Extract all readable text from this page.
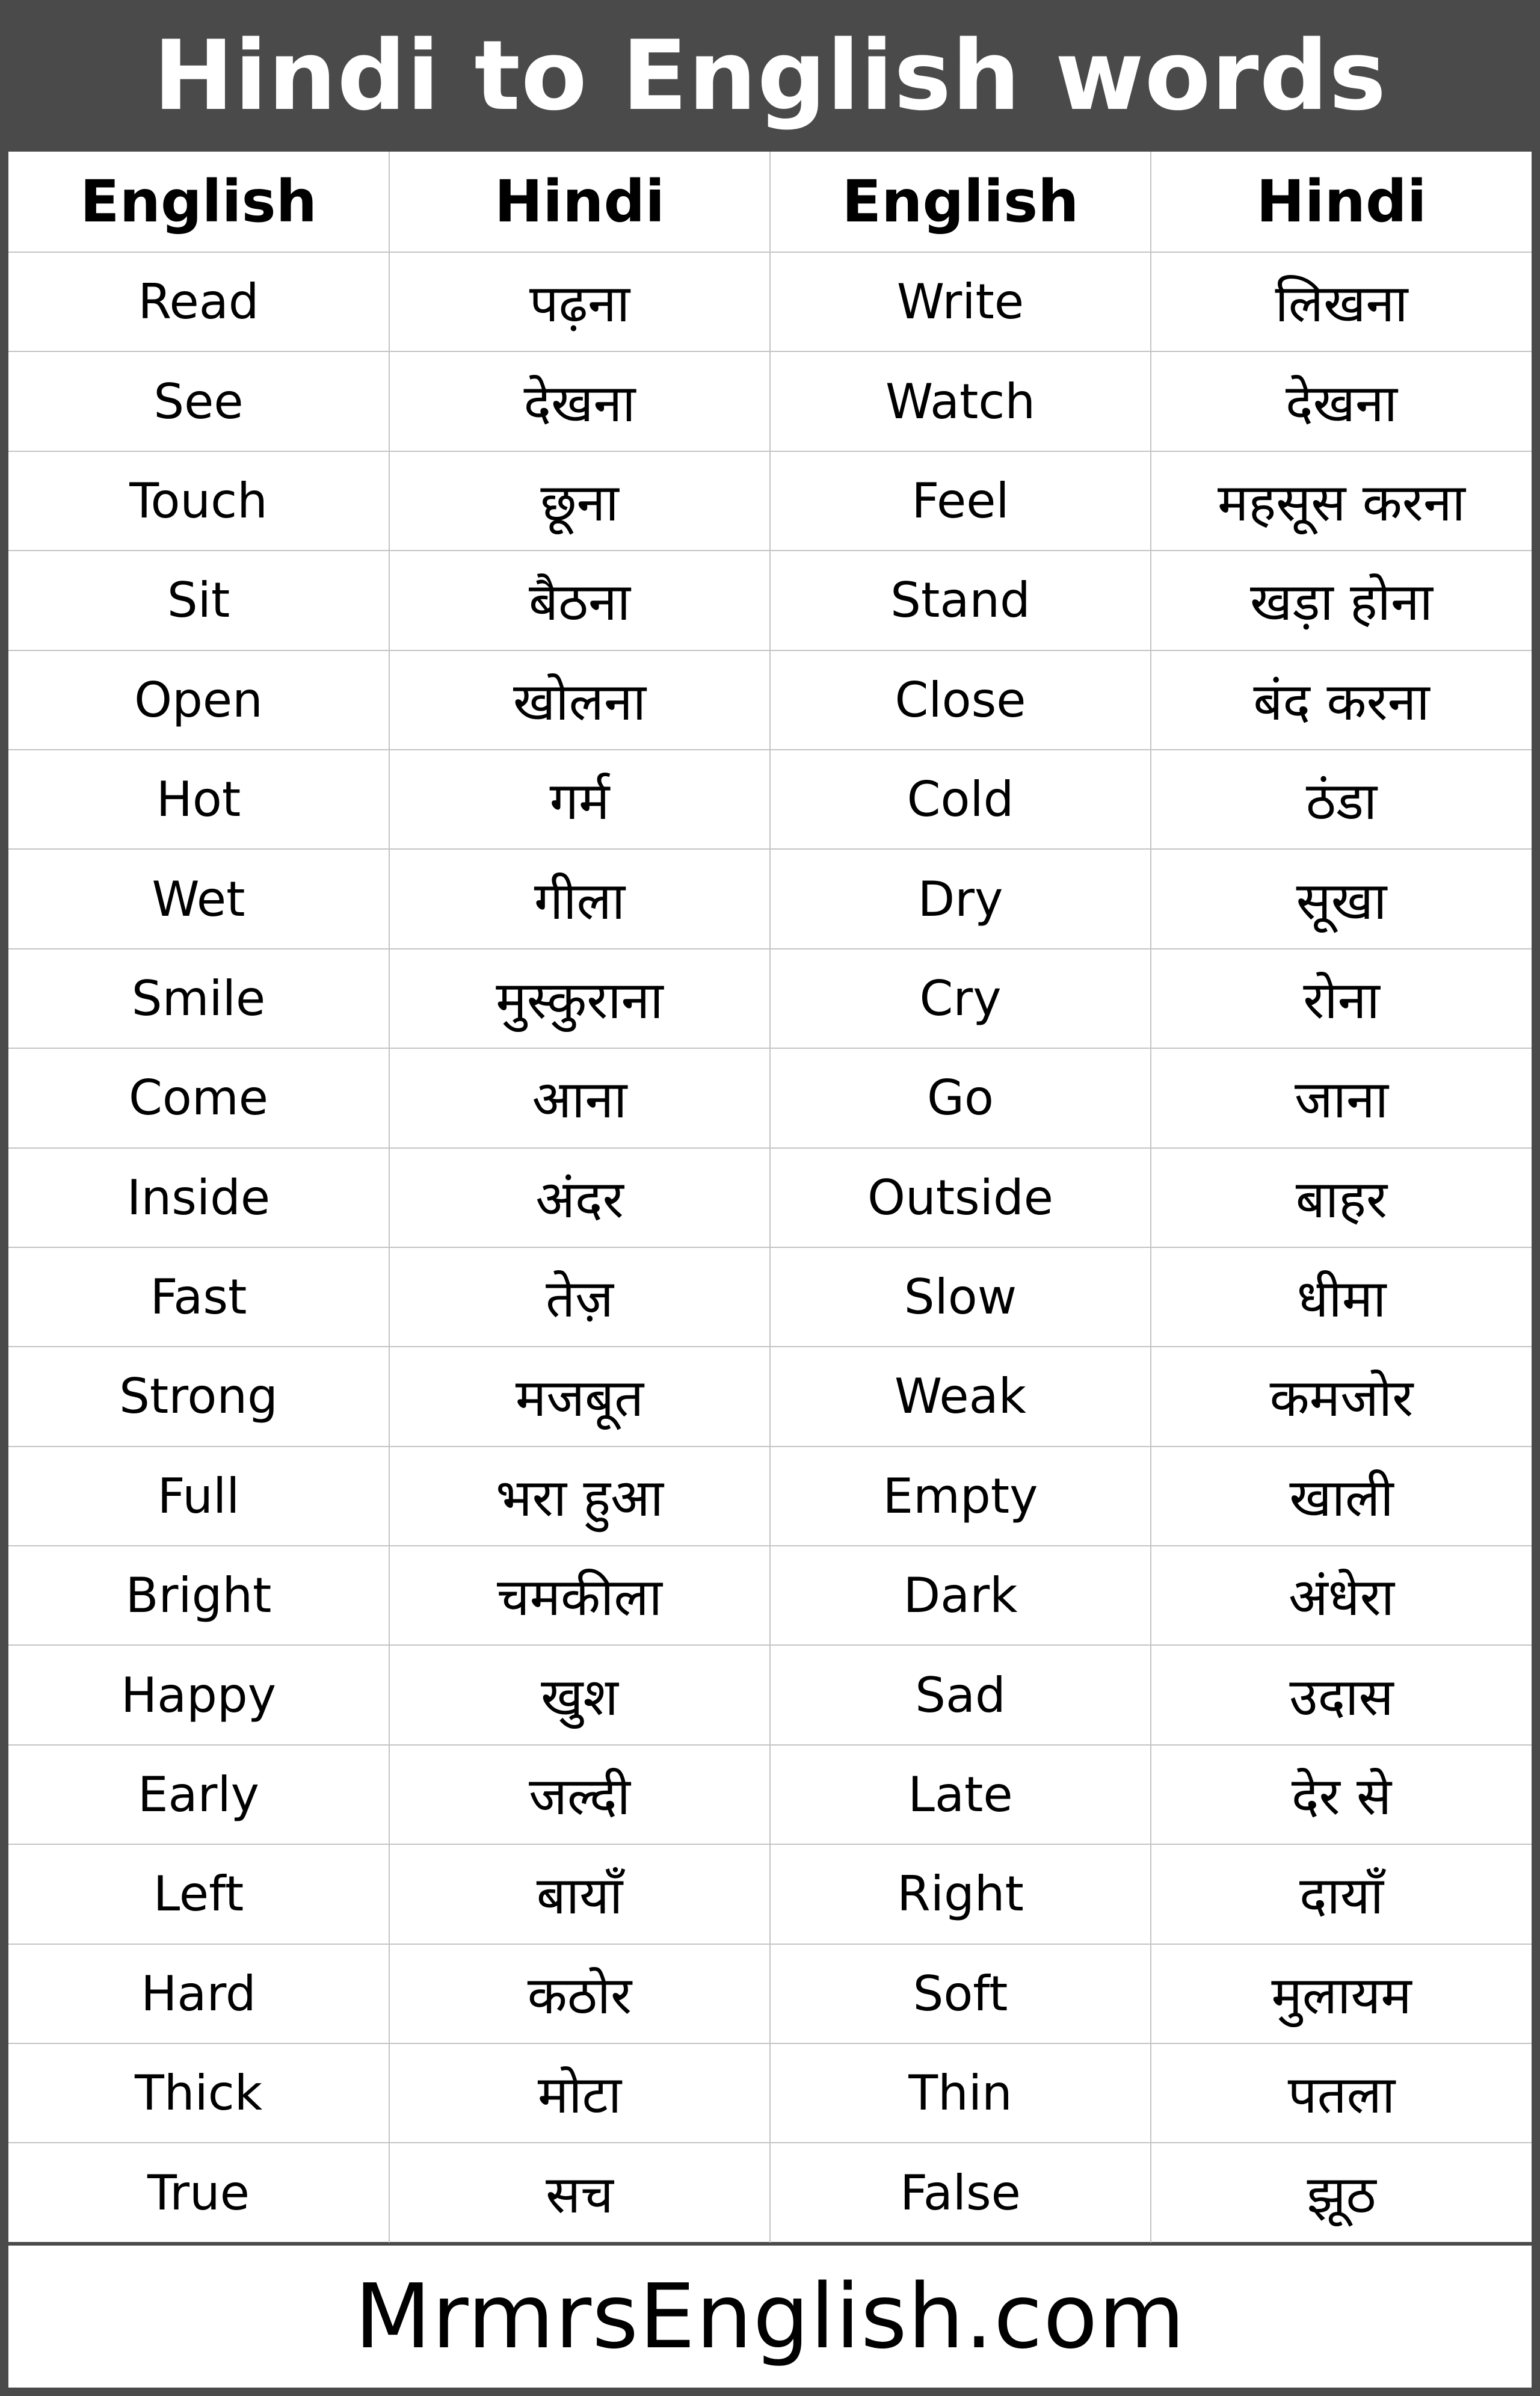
Hindi to English words
English	Hindi	English	Hindi
Read	पढ़ना	Write	लिखना
See	देखना	Watch	देखना
Touch	छूना	Feel	महसूस करना
Sit	बैठना	Stand	खड़ा होना
Open	खोलना	Close	बंद करना
Hot	गर्म	Cold	ठंडा
Wet	गीला	Dry	सूखा
Smile	मुस्कुराना	Cry	रोना
Come	आना	Go	जाना
Inside	अंदर	Outside	बाहर
Fast	तेज़	Slow	धीमा
Strong	मजबूत	Weak	कमजोर
Full	भरा हुआ	Empty	खाली
Bright	चमकीला	Dark	अंधेरा
Happy	खुश	Sad	उदास
Early	जल्दी	Late	देर से
Left	बायाँ	Right	दायाँ
Hard	कठोर	Soft	मुलायम
Thick	मोटा	Thin	पतला
True	सच	False	झूठ
MrmrsEnglish.com
